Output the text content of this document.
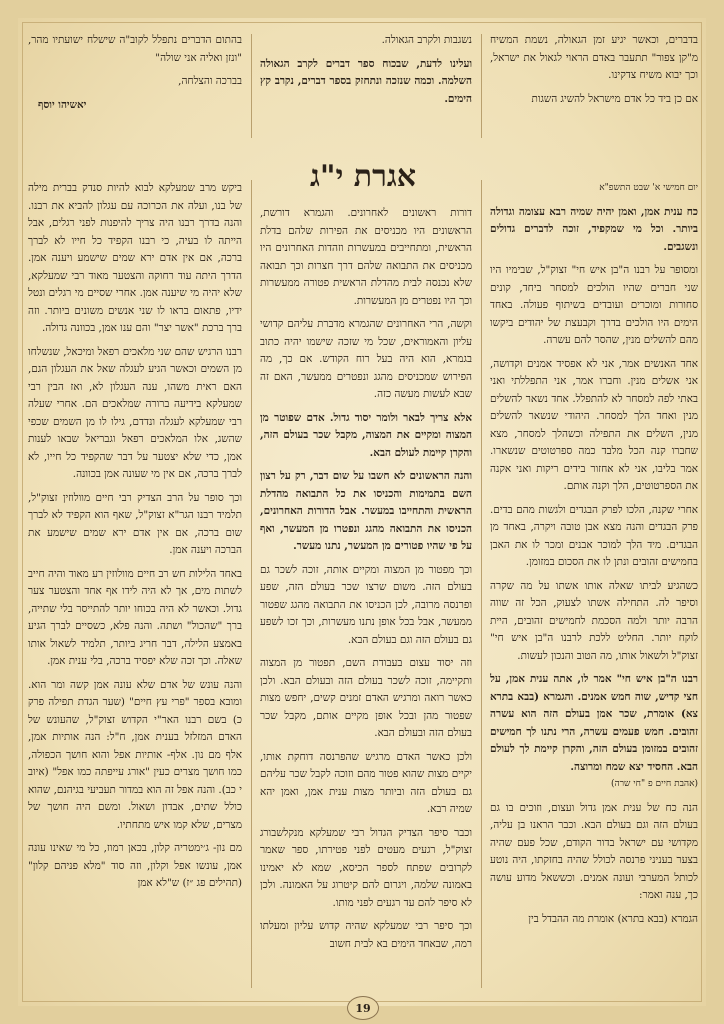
בדברים, וכאשר יגיע זמן הגאולה, נשמת המשיח מ"קן צפור" תתעבר באדם הראוי לגאול את ישראל, וכך יבוא משיח צדקינו.

אם כן ביד כל אדם מישראל להשיג השגות

נשגבות ולקרב הגאולה.

ועלינו לדעת, שבכוח ספר דברים לקרב הגאולה השלמה. וכמה שנזכה ונתחזק בספר דברים, נקרב קץ הימים.

בהתום הדברים נתפלל לקוב"ה שישלח ישועתיו מהר, "ונזן ואליה אני שולה"

בברכה והצלחה,

יאשיהו יוסף

אגרת י"ג	יום חמישי א' שבט התשפ"א

כח ענית אמן, ואמן יהיה שמיה רבא עצומה וגדולה ביותר. וכל מי שמקפיד, זוכה לדברים גדולים ונשגבים.

ומסופר על רבנו ה"בן איש חי" זצוק"ל, שבימיו היו שני חברים שהיו הולכים למסחר ביחד, קונים סחורות ומוכרים ועובדים בשיתוף פעולה. באחד הימים היו הולכים בדרך וקבעצת של יהודים ביקשו מהם להשלים מנין, שהסר להם עשרה.

אחד האנשים אמר, אני לא אפסיד אמנים וקדושה, אני אשלים מנין. וחברו אמר, אני התפללתי ואני באתי לפה למסחר לא להתפלל. אחד נשאר להשלים מנין ואחד הלך למסחר. היהודי שנשאר להשלים מנין, השלים את התפילה וכשהלך למסחר, מצא שחברו קנה הכל מלבד כמה ספרטוטים שנשארו. אמר בליבו, אני לא אחזור בידים ריקות ואני אקנה את הספרטוטים, הלך וקנה אותם.

אחרי שקנה, הלכו לפרק הבגדים ולגשות מהם בדים. פרק הבגדים והנה מצא אבן טובה ויקרה, באחד מן הבגדים. מיד הלך למוכר אבנים ומכר לו את האבן בחמישים זהובים ונתן לו את הסכום במזומן.

כשהגיע לביתו שאלה אותו אשתו על מה שקרה וסיפר לה. התחילה אשתו לצעוק, הכל זה שווה הרבה יותר ולמה הסכמת לחמישים זהובים, היית לוקח יותר. החליט ללכת לרבנו ה"בן איש חי" זצוק"ל ולשאול אותו, מה הטוב והנכון לעשות.

רבנו ה"בן איש חי" אמר לו, אתה ענית אמן, על חצי קדיש, שוה חמש אמנים. והגמרא (בבא בתרא צא) אומרת, שכר אמן בעולם הזה הוא עשרה זהובים. חמש פעמים עשרה, הרי נתנו לך חמישים זהובים במזומן בעולם הזה, והקרן קיימת לך לעולם הבא. החסיד יצא שמח ומרוצה.

(אהבת חיים פ "חי שרה)

הנה כח של ענית אמן גדול ועצום, וזוכים בו גם בעולם הזה וגם בעולם הבא. וכבר הראנו בן עליה, מקדושי עם ישראל בדור הקודם, שכל פעם שהיה בצער בעניני פרנסה לכולל שהיה בחזקתו, היה נוטע לכותל המערבי ועונה אמנים. וכששאל מדוע עושה כך, ענה ואמר:

הגמרא (בבא בתרא) אומרת מה ההבדל בין

דורות ראשונים לאחרונים. והגמרא דורשת, הראשונים היו מכניסים את הפירות שלהם בדלת הראשית, ומתחייבים במעשרות וזהדות האחרונים היו מכניסים את התבואה שלהם דרך חצרות וכך תבואה שלא נכנסה לבית מהדלת הראשית פטורה ממעשרות וכך היו נפטרים מן המעשרות.

וקשה, הרי האחרונים שהגמרא מדברת עליהם קדושי עליון והאמוראים, שכל מי שזכה שישמו יהיה כתוב בגמרא, הוא היה בעל רוח הקודש. אם כך, מה הפירוש שמכניסים מהגג ונפטרים ממעשר, האם זה שבא לעשות מעשה כזה.

אלא צריך לבאר ולומר יסוד גדול. אדם שפוטר מן המצוה ומקיים את המצוה, מקבל שכר בעולם הזה, והקרן קיימת לעולם הבא.

והנה הראשונים לא חשבו על שום דבר, רק על רצון השם בתמימות והכניסו את כל התבואה מהדלת הראשית והתחייבו במעשר. אבל הדורות האחרונים, הכניסו את התבואה מהגג ונפטרו מן המעשר, ואף על פי שהיו פטורים מן המעשר, נתנו מעשר.

וכך מפטור מן המצוה ומקיים אותה, זוכה לשכר גם בעולם הזה. משום שרצו שכר בעולם הזה, שפע ופרנסה מרובה, לכן הכניסו את התבואה מהגג שפטור ממעשר, אבל בכל אופן נתנו מעשרות, וכך זכו לשפע גם בעולם הזה וגם בעולם הבא.

וזה יסוד עצום בעבודת השם, תפטור מן המצוה ותקיימה, זוכה לשכר בעולם הזה ובעולם הבא. ולכן כאשר רואה ומרגיש האדם זמנים קשים, יחפש מצות שפטור מהן ובכל אופן מקיים אותם, מקבל שכר בעולם הזה ובעולם הבא.

ולכן כאשר האדם מרגיש שהפרנסה דוחקת אותו, יקיים מצות שהוא פטור מהם וזוכה לקבל שכר עליהם גם בעולם הזה וביותר מצות ענית אמן, ואמן יהא שמיה רבא.

וכבר סיפר הצדיק הגדול רבי שמעלקא מנקלשבורג זצוק"ל, רגעים מעטים לפני פטירתו, ספר שאמר לקרובים שפתח לספר הכיסא, שמא לא יאמינו באמונה שלמה, ויגרום להם קיטרוג על האמונה. ולכן לא סיפר להם עד רגעים לפני מותו.

וכך סיפר רבי שמעלקא שהיה קדוש עליון ומעלתו רמה, שבאחד הימים בא לבית חשוב

ביקש מרב שמעלקא לבוא להיות סנדק בברית מילה של בנו, ועלה את הכרוכה עם עגלון להביא את רבנו. והנה בדרך רבנו היה צריך להיפנות לפני רגלים, אבל הייתה לו בעיה, כי רבנו הקפיד כל חייו לא לברך ברכה, אם אין אדם ירא שמים שישמע ויענה אמן. הדרך היתה עוד רחוקה והצטער מאוד רבי שמעלקא, שלא יהיה מי שיענה אמן. אחרי שסיים מי רגלים ונטל ידיו, פתאום בראו לו שני אנשים משונים ביותר. וזה ברך ברכת "אשר יצר" והם ענו אמן, בכוונה גדולה.

רבנו הרגיש שהם שני מלאכים רפאל ומיכאל, שנשלחו מן השמים וכאשר הגיע לעגלה שאל את העגלון הגם, האם ראית משהו, ענה העגלון לא, ואז הבין רבי שמעלקא בידיעה ברורה שמלאכים הם. אחרי שעלה רבי שמעלקא לעגלה ונדדם, גילו לו מן השמים שכפי שהשג, אלו המלאכים רפאל וגבריאל שבאו לענות אמן, כדי שלא יצטער על דבר שהקפיד כל חייו, לא לברך ברכה, אם אין מי שעונה אמן בכוונה.

וכך סופר על הרב הצדיק רבי חיים מוולוזין זצוק"ל, תלמיד רבנו הגר"א זצוק"ל, שאף הוא הקפיד לא לברך שום ברכה, אם אין אדם ירא שמים שישמע את הברכה ויענה אמן.

באחד הלילות חש רב חיים מוולוזין רע מאוד והיה חייב לשתות מים, אך לא היה לידו אף אחד והצטער צער גדול. וכאשר לא היה בכוחו יותר להתייסר בלי שתייה, ברך "שהכול" ושתה. והנה פלא, כשסיים לברך הגיע באמצע הלילה, דבר חריג ביותר, תלמיד לשאול אותו שאלה. וכך זכה שלא יפסיד ברכה, בלי ענית אמן.

והנה עונש של אדם שלא עונה אמן קשה ומר הוא. ומובא בספר "פרי עץ חיים" (שער הגדת תפילה פרק כ) בשם רבנו האר"י הקדוש זצוק"ל, שהעונש של האדם המזלזל בענית אמן, ח"ל: הנה אותיות אמן, אלף מם נון. אלף- אותיות אפל והוא חושך הכפולה, כמו חושך מצרים כעין "אורג עייפתה כמו אפל" (איוב י כב). והנה אפל זה הוא במדור תעביעי בגיהנם, שהוא כולל שתים, אבדון ושאול. ומשם היה חושך של מצרים, שלא קמו איש מתחתיו.

מם נון- ג׳ימטריה קלון, בכאן רמוז, כל מי שאינו עונה אמן, עונשו אפל וקלון, וזה סוד "מלא פניהם קלון" (תהילים פג ״ז) ש"לא אמן

19
